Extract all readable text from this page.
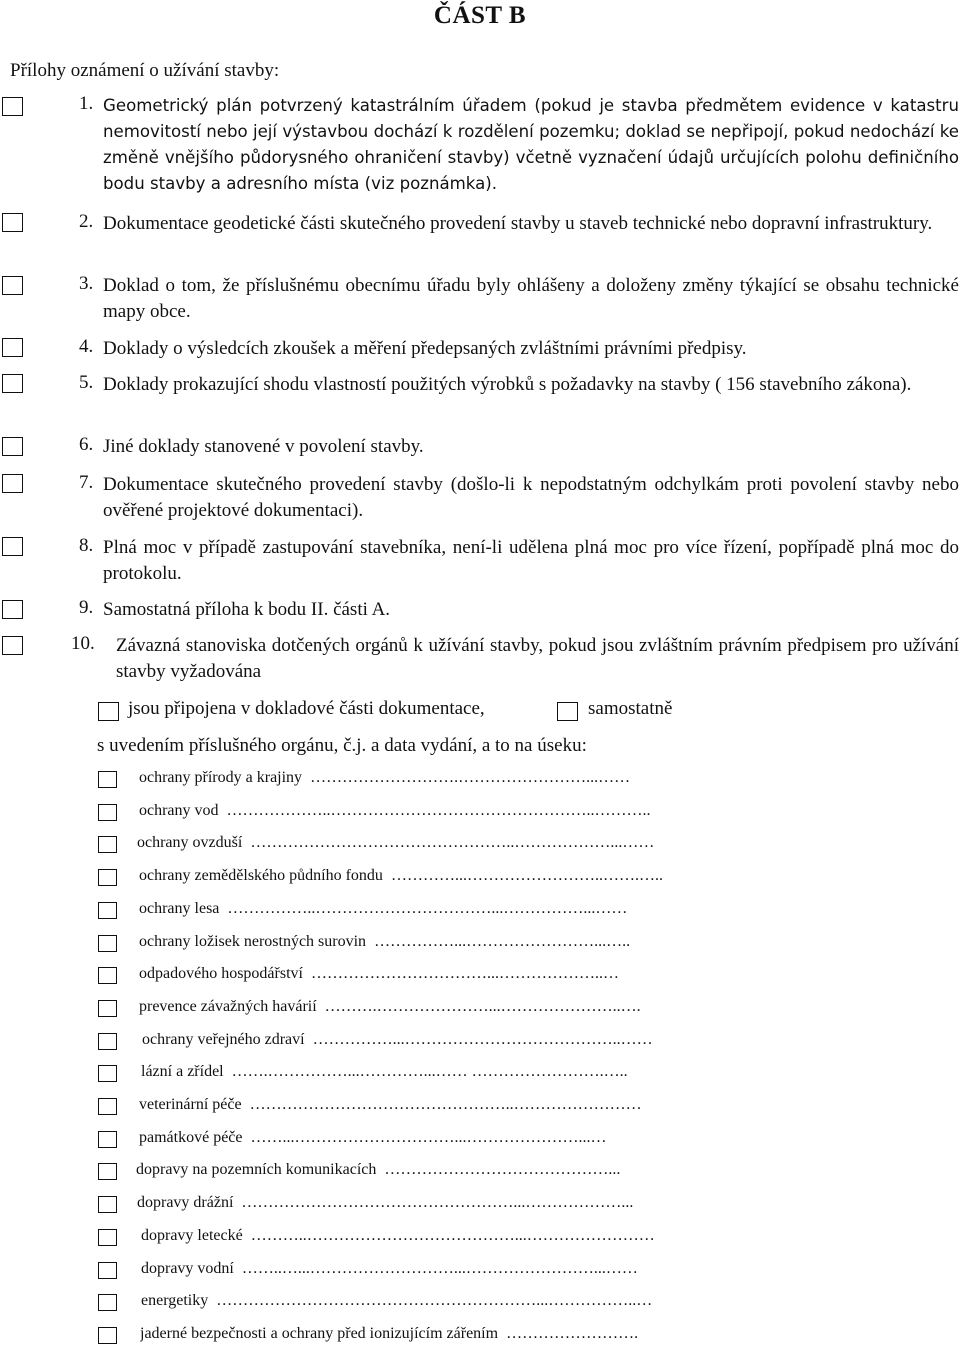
ČÁST B
Přílohy oznámení o užívání stavby:
1. Geometrický plán potvrzený katastrálním úřadem (pokud je stavba předmětem evidence v katastru nemovitostí nebo její výstavbou dochází k rozdělení pozemku; doklad se nepřipojí, pokud nedochází ke změně vnějšího půdorysného ohraničení stavby) včetně vyznačení údajů určujících polohu definičního bodu stavby a adresního místa (viz poznámka).
2. Dokumentace geodetické části skutečného provedení stavby u staveb technické nebo dopravní infrastruktury.
3. Doklad o tom, že příslušnému obecnímu úřadu byly ohlášeny a doloženy změny týkající se obsahu technické mapy obce.
4. Doklady o výsledcích zkoušek a měření předepsaných zvláštními právními předpisy.
5. Doklady prokazující shodu vlastností použitých výrobků s požadavky na stavby ( 156 stavebního zákona).
6. Jiné doklady stanovené v povolení stavby.
7. Dokumentace skutečného provedení stavby (došlo-li k nepodstatným odchylkám proti povolení stavby nebo ověřené projektové dokumentaci).
8. Plná moc v případě zastupování stavebníka, není-li udělena plná moc pro více řízení, popřípadě plná moc do protokolu.
9. Samostatná příloha k bodu II. části A.
10. Závazná stanoviska dotčených orgánů k užívání stavby, pokud jsou zvláštním právním předpisem pro užívání stavby vyžadována
jsou připojena v dokladové části dokumentace,	samostatně
s uvedením příslušného orgánu, č.j. a data vydání, a to na úseku:
ochrany přírody a krajiny ……………………….……………………...……
ochrany vod ………………..…………………………………………..………..
ochrany ovzduší …………………………………………..………………...……
ochrany zemědělského půdního fondu …………...……………………..…….…..
ochrany lesa ……………..……………………………...……………...……
ochrany ložisek nerostných surovin ……………...……………………...…..
odpadového hospodářství ……………………………...………………..…
prevence závažných havárií ……….…………………...…………………..….
ochrany veřejného zdraví ……………...…………………………………..……
lázní a zřídel …….……………...…………...…… …………………….…..
veterinární péče …………………………………………..……………………
památkové péče ……...…………………………...…………………...…
dopravy na pozemních komunikacích ……………………………………...
dopravy drážní ……………………………………………...………………...
dopravy letecké ………..…………………………………...……………………
dopravy vodní ……..…...………………………...……………………...……
energetiky ……………………………………………………...……………..…
jaderné bezpečnosti a ochrany před ionizujícím zářením …………………….
